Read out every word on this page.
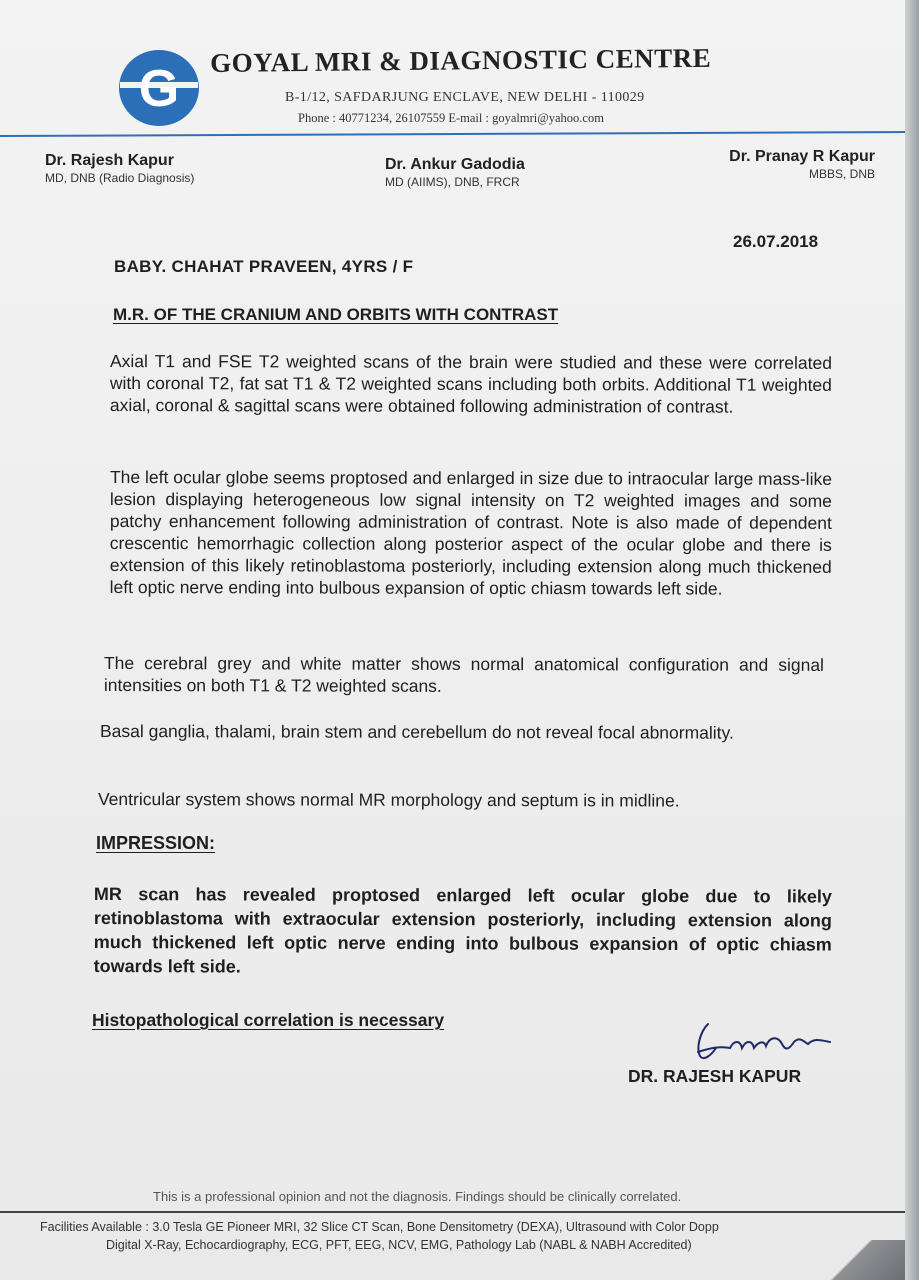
G GOYAL MRI & DIAGNOSTIC CENTRE
B-1/12, SAFDARJUNG ENCLAVE, NEW DELHI - 110029
Phone : 40771234, 26107559 E-mail : goyalmri@yahoo.com
Dr. Rajesh Kapur
MD, DNB (Radio Diagnosis)
Dr. Ankur Gadodia
MD (AIIMS), DNB, FRCR
Dr. Pranay R Kapur
MBBS, DNB
26.07.2018
BABY. CHAHAT PRAVEEN, 4YRS / F
M.R. OF THE CRANIUM AND ORBITS WITH CONTRAST
Axial T1 and FSE T2 weighted scans of the brain were studied and these were correlated with coronal T2, fat sat T1 & T2 weighted scans including both orbits. Additional T1 weighted axial, coronal & sagittal scans were obtained following administration of contrast.
The left ocular globe seems proptosed and enlarged in size due to intraocular large mass-like lesion displaying heterogeneous low signal intensity on T2 weighted images and some patchy enhancement following administration of contrast. Note is also made of dependent crescentic hemorrhagic collection along posterior aspect of the ocular globe and there is extension of this likely retinoblastoma posteriorly, including extension along much thickened left optic nerve ending into bulbous expansion of optic chiasm towards left side.
The cerebral grey and white matter shows normal anatomical configuration and signal intensities on both T1 & T2 weighted scans.
Basal ganglia, thalami, brain stem and cerebellum do not reveal focal abnormality.
Ventricular system shows normal MR morphology and septum is in midline.
IMPRESSION:
MR scan has revealed proptosed enlarged left ocular globe due to likely retinoblastoma with extraocular extension posteriorly, including extension along much thickened left optic nerve ending into bulbous expansion of optic chiasm towards left side.
Histopathological correlation is necessary
DR. RAJESH KAPUR
This is a professional opinion and not the diagnosis. Findings should be clinically correlated.
Facilities Available : 3.0 Tesla GE Pioneer MRI, 32 Slice CT Scan, Bone Densitometry (DEXA), Ultrasound with Color Dopp
Digital X-Ray, Echocardiography, ECG, PFT, EEG, NCV, EMG, Pathology Lab (NABL & NABH Accredited)
